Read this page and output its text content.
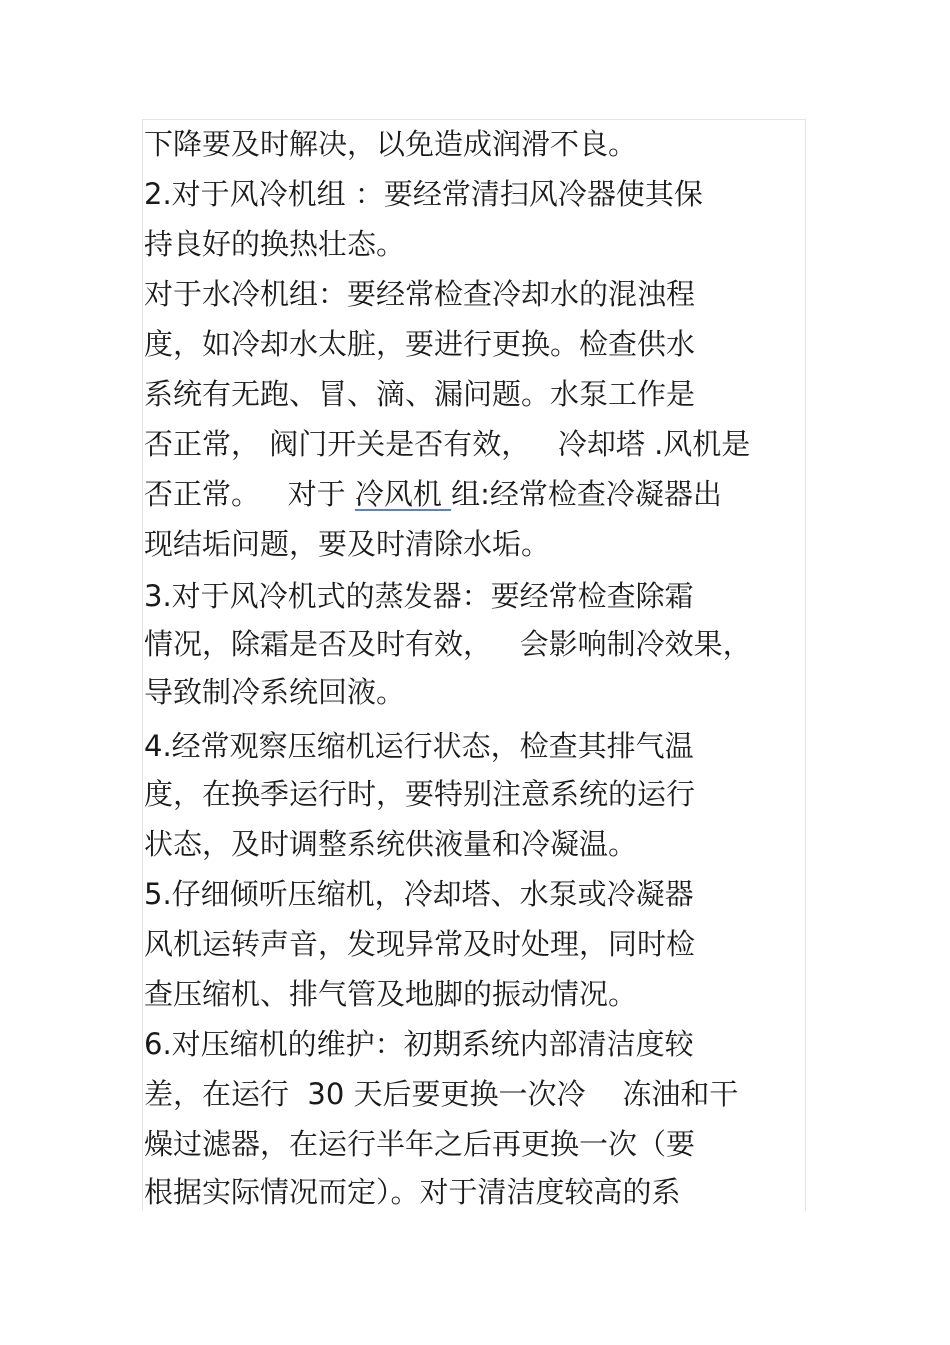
下降要及时解决，以免造成润滑不良。
2.对于风冷机组 ：要经常清扫风冷器使其保
持良好的换热壮态。
对于水冷机组：要经常检查冷却水的混浊程
度，如冷却水太脏，要进行更换。检查供水
系统有无跑、冒、滴、漏问题。水泵工作是
否正常， 阀门开关是否有效，   冷却塔 .风机是
否正常。   对于 冷风机 组:经常检查冷凝器出
现结垢问题，要及时清除水垢。
3.对于风冷机式的蒸发器：要经常检查除霜
情况，除霜是否及时有效，   会影响制冷效果，
导致制冷系统回液。
4.经常观察压缩机运行状态，检查其排气温
度，在换季运行时，要特别注意系统的运行
状态，及时调整系统供液量和冷凝温。
5.仔细倾听压缩机，冷却塔、水泵或冷凝器
风机运转声音，发现异常及时处理，同时检
查压缩机、排气管及地脚的振动情况。
6.对压缩机的维护：初期系统内部清洁度较
差，在运行  30 天后要更换一次冷    冻油和干
燥过滤器，在运行半年之后再更换一次（要
根据实际情况而定）。对于清洁度较高的系
